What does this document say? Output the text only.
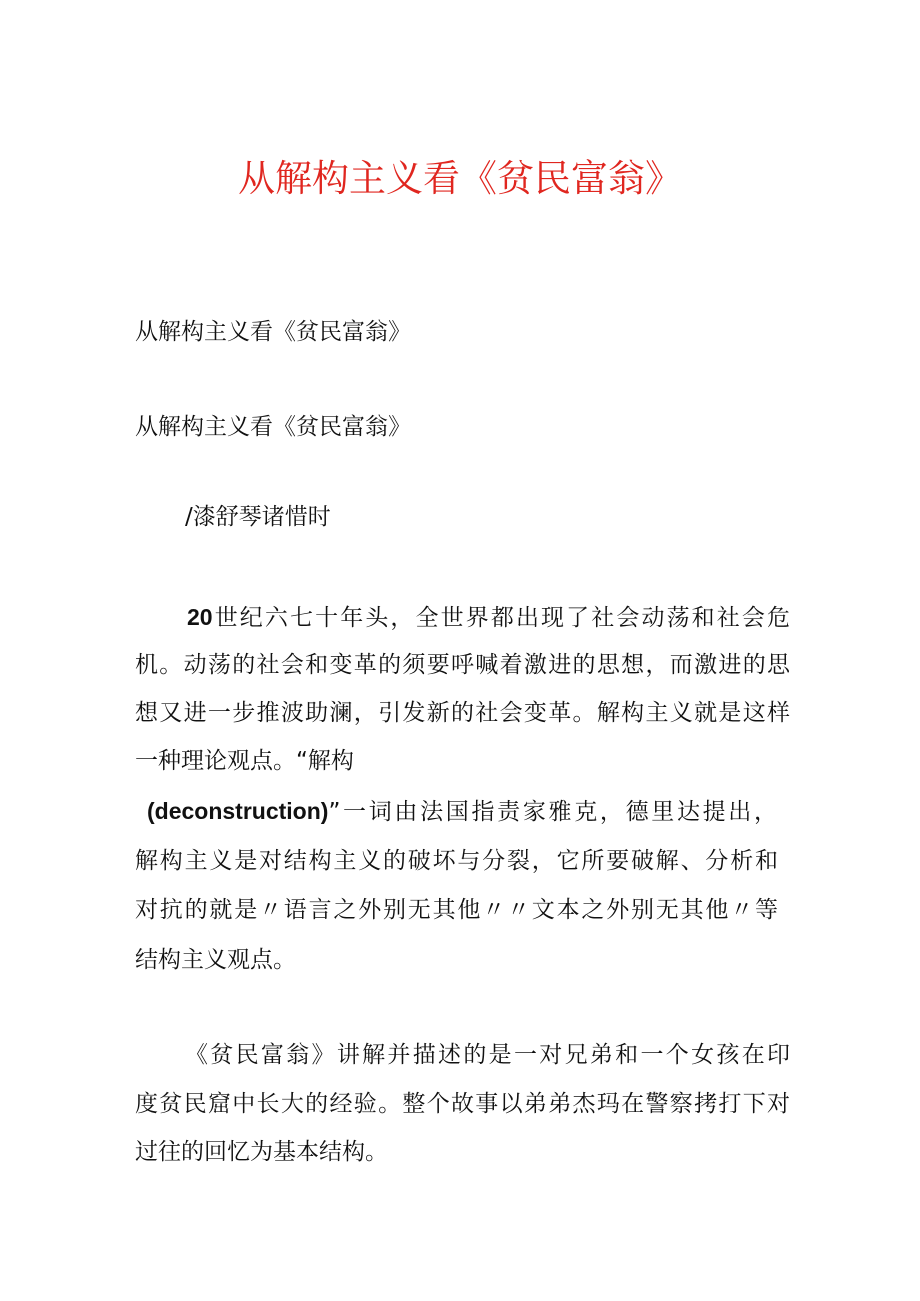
从解构主义看《贫民富翁》
从解构主义看《贫民富翁》
从解构主义看《贫民富翁》
/漆舒琴诸惜时
20世纪六七十年头，全世界都出现了社会动荡和社会危
机。动荡的社会和变革的须要呼喊着激进的思想，而激进的思
想又进一步推波助澜，引发新的社会变革。解构主义就是这样
一种理论观点。“解构
(deconstruction)”一词由法国指责家雅克，德里达提出，
解构主义是对结构主义的破坏与分裂，它所要破解、分析和
对抗的就是〃语言之外别无其他〃〃文本之外别无其他〃等
结构主义观点。
《贫民富翁》讲解并描述的是一对兄弟和一个女孩在印
度贫民窟中长大的经验。整个故事以弟弟杰玛在警察拷打下对
过往的回忆为基本结构。
